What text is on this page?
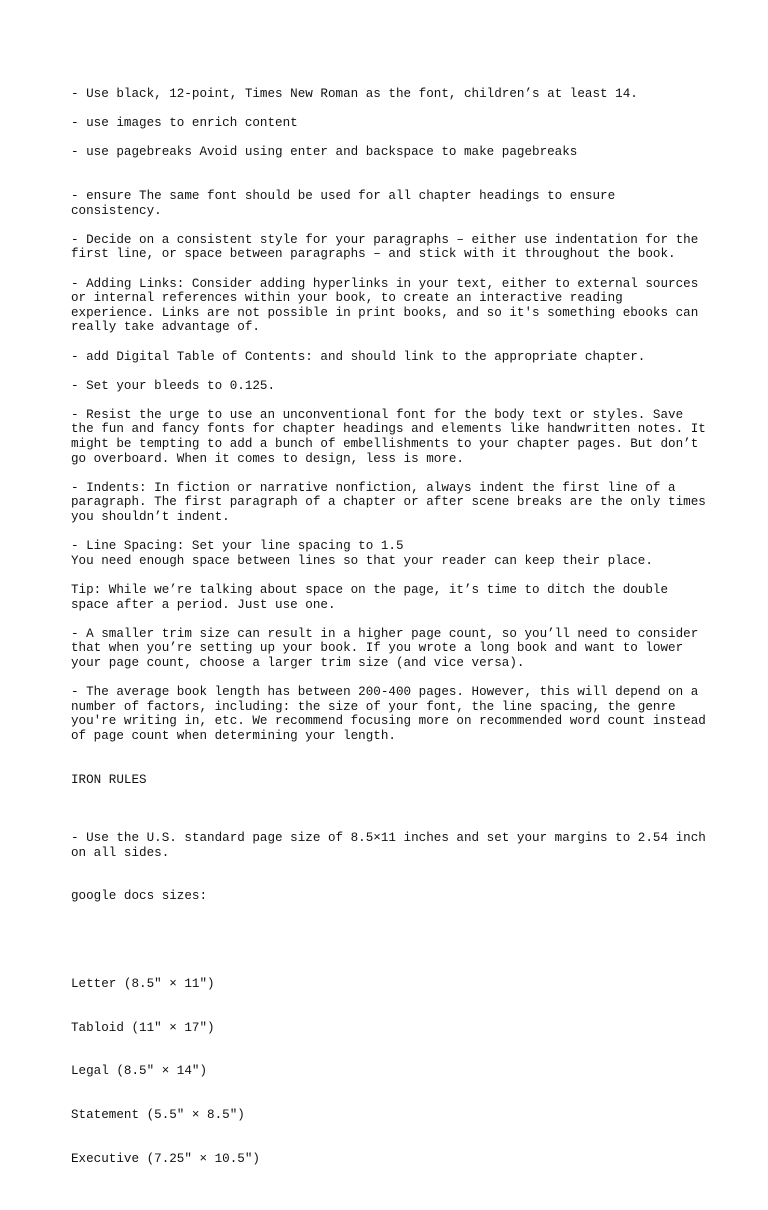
- Use black, 12-point, Times New Roman as the font, children’s at least 14.

- use images to enrich content

- use pagebreaks Avoid using enter and backspace to make pagebreaks

- ensure The same font should be used for all chapter headings to ensure consistency.

- Decide on a consistent style for your paragraphs – either use indentation for the first line, or space between paragraphs – and stick with it throughout the book.

- Adding Links: Consider adding hyperlinks in your text, either to external sources or internal references within your book, to create an interactive reading experience. Links are not possible in print books, and so it's something ebooks can really take advantage of.

- add Digital Table of Contents: and should link to the appropriate chapter.

- Set your bleeds to 0.125.

- Resist the urge to use an unconventional font for the body text or styles. Save the fun and fancy fonts for chapter headings and elements like handwritten notes. It might be tempting to add a bunch of embellishments to your chapter pages. But don’t go overboard. When it comes to design, less is more.

- Indents: In fiction or narrative nonfiction, always indent the first line of a paragraph. The first paragraph of a chapter or after scene breaks are the only times you shouldn’t indent.

- Line Spacing: Set your line spacing to 1.5
You need enough space between lines so that your reader can keep their place.

Tip: While we’re talking about space on the page, it’s time to ditch the double space after a period. Just use one.

- A smaller trim size can result in a higher page count, so you’ll need to consider that when you’re setting up your book. If you wrote a long book and want to lower your page count, choose a larger trim size (and vice versa).

- The average book length has between 200-400 pages. However, this will depend on a number of factors, including: the size of your font, the line spacing, the genre you're writing in, etc. We recommend focusing more on recommended word count instead of page count when determining your length.

IRON RULES

- Use the U.S. standard page size of 8.5×11 inches and set your margins to 2.54 inch on all sides.

google docs sizes:

Letter (8.5" × 11")

Tabloid (11" × 17")

Legal (8.5" × 14")

Statement (5.5" × 8.5")

Executive (7.25" × 10.5")
